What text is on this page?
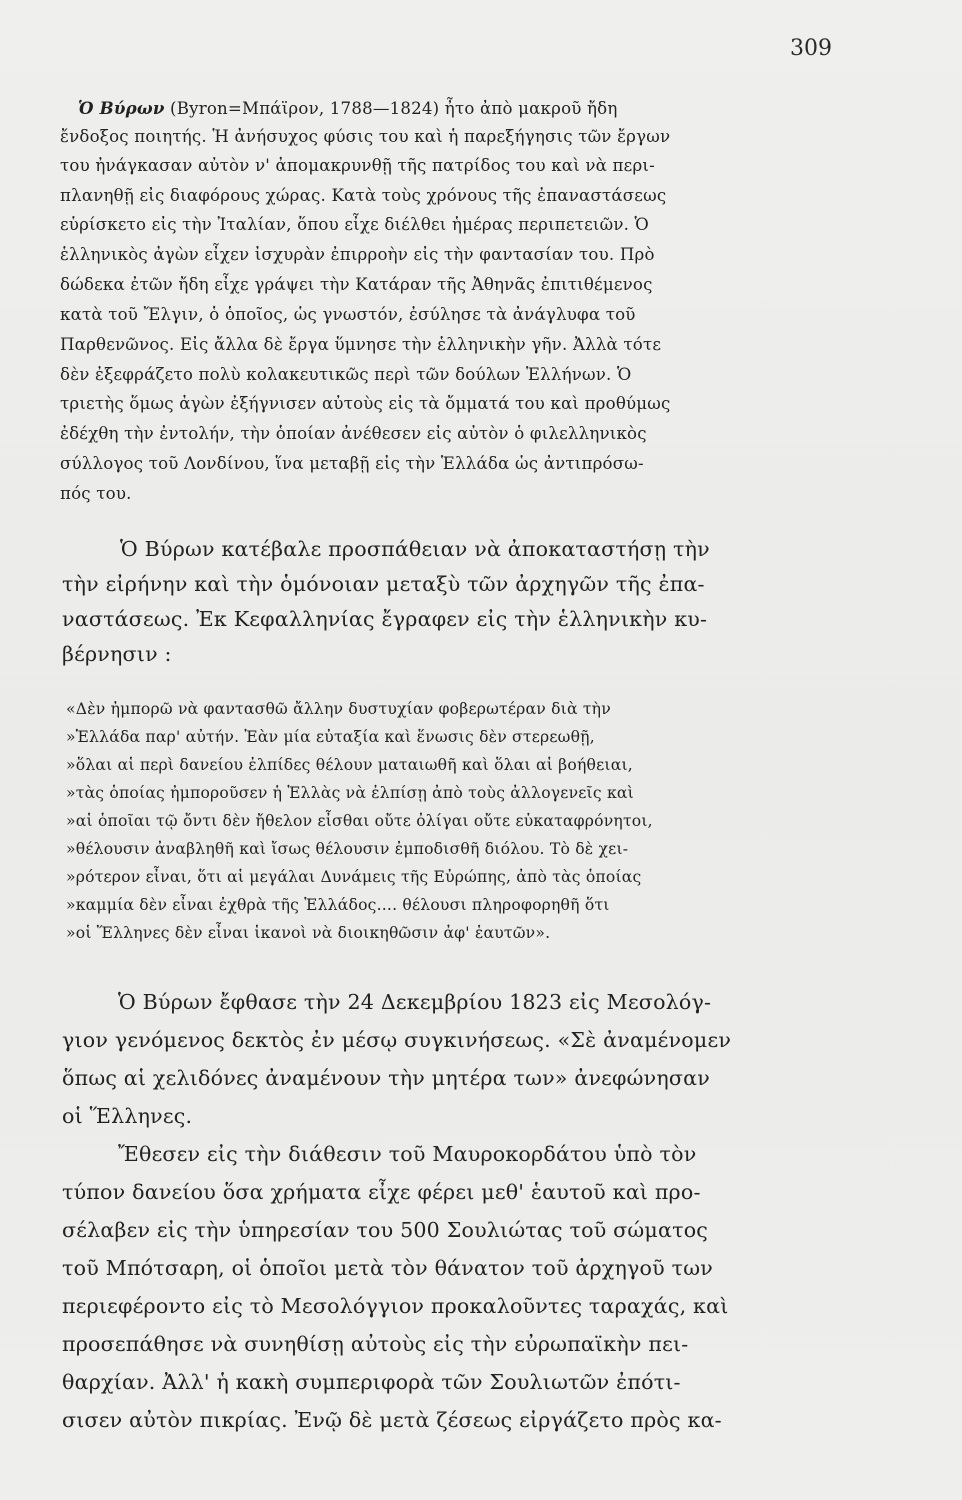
309
Ὁ Βύρων (Byron=Μπάϊρον, 1788—1824) ἦτο ἀπὸ μακροῦ ἤδη
ἔνδοξος ποιητής. Ἡ ἀνήσυχος φύσις του καὶ ἡ παρεξήγησις τῶν ἔργων
του ἠνάγκασαν αὐτὸν ν' ἀπομακρυνθῇ τῆς πατρίδος του καὶ νὰ περι-
πλανηθῇ εἰς διαφόρους χώρας. Κατὰ τοὺς χρόνους τῆς ἐπαναστάσεως
εὑρίσκετο εἰς τὴν Ἰταλίαν, ὅπου εἶχε διέλθει ἡμέρας περιπετειῶν. Ὁ
ἑλληνικὸς ἀγὼν εἶχεν ἰσχυρὰν ἐπιρροὴν εἰς τὴν φαντασίαν του. Πρὸ
δώδεκα ἐτῶν ἤδη εἶχε γράψει τὴν Κατάραν τῆς Ἀθηνᾶς ἐπιτιθέμενος
κατὰ τοῦ Ἔλγιν, ὁ ὁποῖος, ὡς γνωστόν, ἐσύλησε τὰ ἀνάγλυφα τοῦ
Παρθενῶνος. Εἰς ἄλλα δὲ ἔργα ὕμνησε τὴν ἑλληνικὴν γῆν. Ἀλλὰ τότε
δὲν ἐξεφράζετο πολὺ κολακευτικῶς περὶ τῶν δούλων Ἑλλήνων. Ὁ
τριετὴς ὅμως ἀγὼν ἐξήγνισεν αὐτοὺς εἰς τὰ ὄμματά του καὶ προθύμως
ἐδέχθη τὴν ἐντολήν, τὴν ὁποίαν ἀνέθεσεν εἰς αὐτὸν ὁ φιλελληνικὸς
σύλλογος τοῦ Λονδίνου, ἵνα μεταβῇ εἰς τὴν Ἑλλάδα ὡς ἀντιπρόσω-
πός του.
Ὁ Βύρων κατέβαλε προσπάθειαν νὰ ἀποκαταστήσῃ τὴν
τὴν εἰρήνην καὶ τὴν ὁμόνοιαν μεταξὺ τῶν ἀρχηγῶν τῆς ἐπα-
ναστάσεως. Ἐκ Κεφαλληνίας ἔγραφεν εἰς τὴν ἑλληνικὴν κυ-
βέρνησιν :
«Δὲν ἠμπορῶ νὰ φαντασθῶ ἄλλην δυστυχίαν φοβερωτέραν διὰ τὴν
»Ἑλλάδα παρ' αὐτήν. Ἐὰν μία εὐταξία καὶ ἕνωσις δὲν στερεωθῇ,
»ὅλαι αἱ περὶ δανείου ἐλπίδες θέλουν ματαιωθῆ καὶ ὅλαι αἱ βοήθειαι,
»τὰς ὁποίας ἠμποροῦσεν ἡ Ἑλλὰς νὰ ἐλπίσῃ ἀπὸ τοὺς ἀλλογενεῖς καὶ
»αἱ ὁποῖαι τῷ ὄντι δὲν ἤθελον εἶσθαι οὔτε ὀλίγαι οὔτε εὐκαταφρόνητοι,
»θέλουσιν ἀναβληθῆ καὶ ἴσως θέλουσιν ἐμποδισθῆ διόλου. Τὸ δὲ χει-
»ρότερον εἶναι, ὅτι αἱ μεγάλαι Δυνάμεις τῆς Εὐρώπης, ἀπὸ τὰς ὁποίας
»καμμία δὲν εἶναι ἐχθρὰ τῆς Ἑλλάδος.... θέλουσι πληροφορηθῆ ὅτι
»οἱ Ἕλληνες δὲν εἶναι ἱκανοὶ νὰ διοικηθῶσιν ἀφ' ἑαυτῶν».
Ὁ Βύρων ἔφθασε τὴν 24 Δεκεμβρίου 1823 εἰς Μεσολόγ-
γιον γενόμενος δεκτὸς ἐν μέσῳ συγκινήσεως. «Σὲ ἀναμένομεν
ὅπως αἱ χελιδόνες ἀναμένουν τὴν μητέρα των» ἀνεφώνησαν
οἱ Ἕλληνες.
Ἔθεσεν εἰς τὴν διάθεσιν τοῦ Μαυροκορδάτου ὑπὸ τὸν
τύπον δανείου ὅσα χρήματα εἶχε φέρει μεθ' ἑαυτοῦ καὶ προ-
σέλαβεν εἰς τὴν ὑπηρεσίαν του 500 Σουλιώτας τοῦ σώματος
τοῦ Μπότσαρη, οἱ ὁποῖοι μετὰ τὸν θάνατον τοῦ ἀρχηγοῦ των
περιεφέροντο εἰς τὸ Μεσολόγγιον προκαλοῦντες ταραχάς, καὶ
προσεπάθησε νὰ συνηθίσῃ αὐτοὺς εἰς τὴν εὐρωπαϊκὴν πει-
θαρχίαν. Ἀλλ' ἡ κακὴ συμπεριφορὰ τῶν Σουλιωτῶν ἐπότι-
σισεν αὐτὸν πικρίας. Ἐνῷ δὲ μετὰ ζέσεως εἰργάζετο πρὸς κα-
